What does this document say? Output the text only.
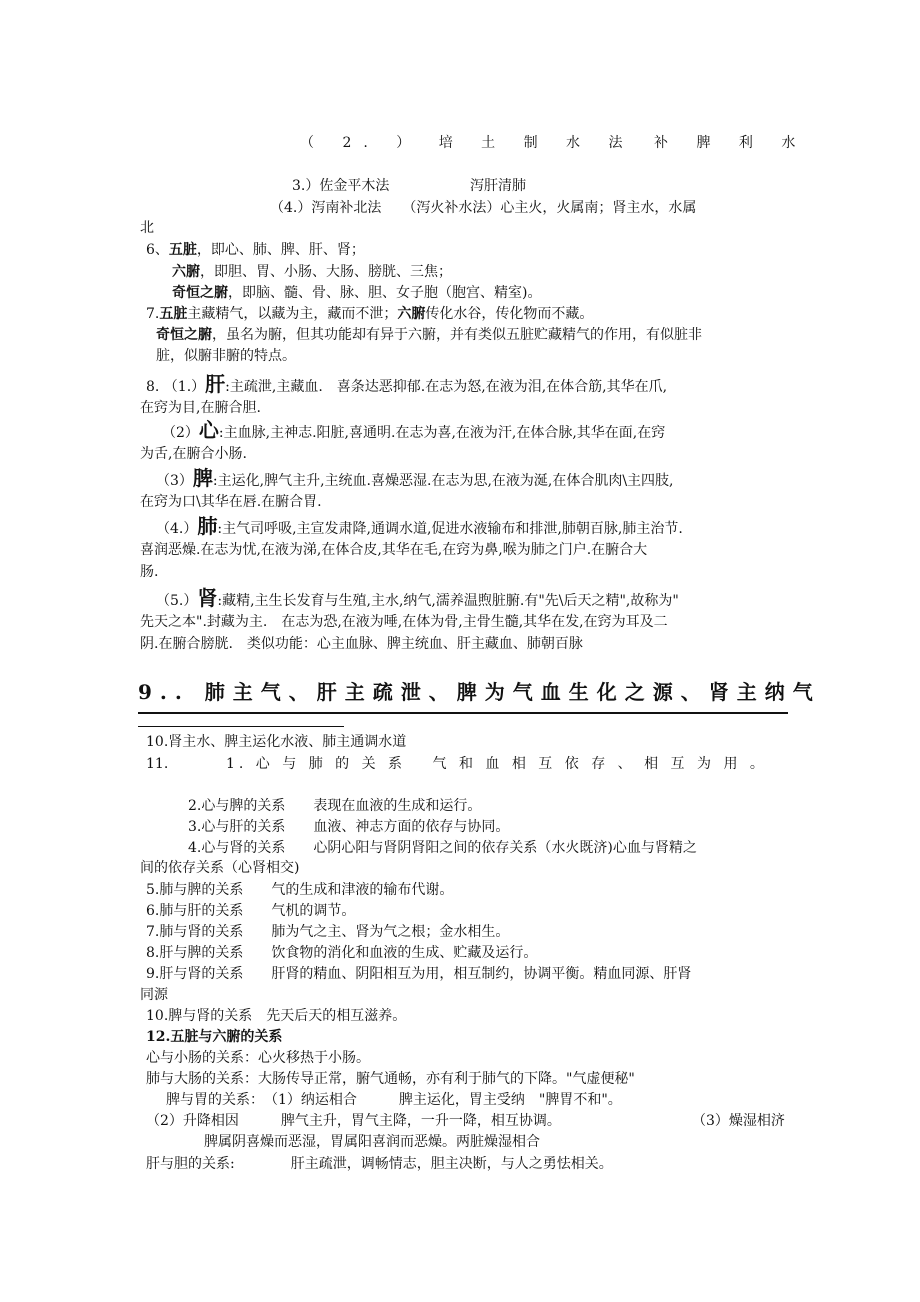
（ 2. ） 培 土 制 水 法 补 脾 利 水
3.）佐金平木法	泻肝清肺
（4.）泻南补北法　　（泻火补水法）心主火，火属南；肾主水，水属
北
6、五脏，即心、肺、脾、肝、肾；
六腑，即胆、胃、小肠、大肠、膀胱、三焦；
奇恒之腑，即脑、髓、骨、脉、胆、女子胞（胞宫、精室)。
7.五脏主藏精气，以藏为主，藏而不泄；六腑传化水谷，传化物而不藏。
奇恒之腑，虽名为腑，但其功能却有异于六腑，并有类似五脏贮藏精气的作用，有似脏非
脏，似腑非腑的特点。
8. （1.）肝:主疏泄,主藏血.　喜条达恶抑郁.在志为怒,在液为泪,在体合筋,其华在爪,
在窍为目,在腑合胆.
（2）心:主血脉,主神志.阳脏,喜通明.在志为喜,在液为汗,在体合脉,其华在面,在窍
为舌,在腑合小肠.
（3）脾:主运化,脾气主升,主统血.喜燥恶湿.在志为思,在液为涎,在体合肌肉\主四肢,
在窍为口\其华在唇.在腑合胃.
（4.）肺:主气司呼吸,主宣发肃降,通调水道,促进水液输布和排泄,肺朝百脉,肺主治节.
喜润恶燥.在志为忧,在液为涕,在体合皮,其华在毛,在窍为鼻,喉为肺之门户.在腑合大
肠.
（5.）肾:藏精,主生长发育与生殖,主水,纳气,濡养温煦脏腑.有"先\后天之精",故称为"
先天之本".封藏为主.　在志为恐,在液为唾,在体为骨,主骨生髓,其华在发,在窍为耳及二
阴.在腑合膀胱.　类似功能：心主血脉、脾主统血、肝主藏血、肺朝百脉
9.. 肺主气、肝主疏泄、脾为气血生化之源、肾主纳气
10.肾主水、脾主运化水液、肺主通调水道
11.	1. 心 与 肺 的 关 系　 气 和 血 相 互 依 存 、 相 互 为 用 。
2.心与脾的关系　　表现在血液的生成和运行。
3.心与肝的关系　　血液、神志方面的依存与协同。
4.心与肾的关系　　心阴心阳与肾阴肾阳之间的依存关系（水火既济)心血与肾精之
间的依存关系（心肾相交)
5.肺与脾的关系　　气的生成和津液的输布代谢。
6.肺与肝的关系　　气机的调节。
7.肺与肾的关系　　肺为气之主、肾为气之根；金水相生。
8.肝与脾的关系　　饮食物的消化和血液的生成、贮藏及运行。
9.肝与肾的关系　　肝肾的精血、阴阳相互为用，相互制约，协调平衡。精血同源、肝肾
同源
10.脾与肾的关系　先天后天的相互滋养。
12.五脏与六腑的关系
心与小肠的关系：心火移热于小肠。
肺与大肠的关系：大肠传导正常，腑气通畅，亦有利于肺气的下降。"气虚便秘"
脾与胃的关系：　（1）纳运相合　　　脾主运化，胃主受纳　"脾胃不和"。
（2）升降相因　　　脾气主升，胃气主降，一升一降，相互协调。	（3）燥湿相济
脾属阴喜燥而恶湿，胃属阳喜润而恶燥。两脏燥湿相合
肝与胆的关系:　　　　肝主疏泄，调畅情志，胆主决断，与人之勇怯相关。
